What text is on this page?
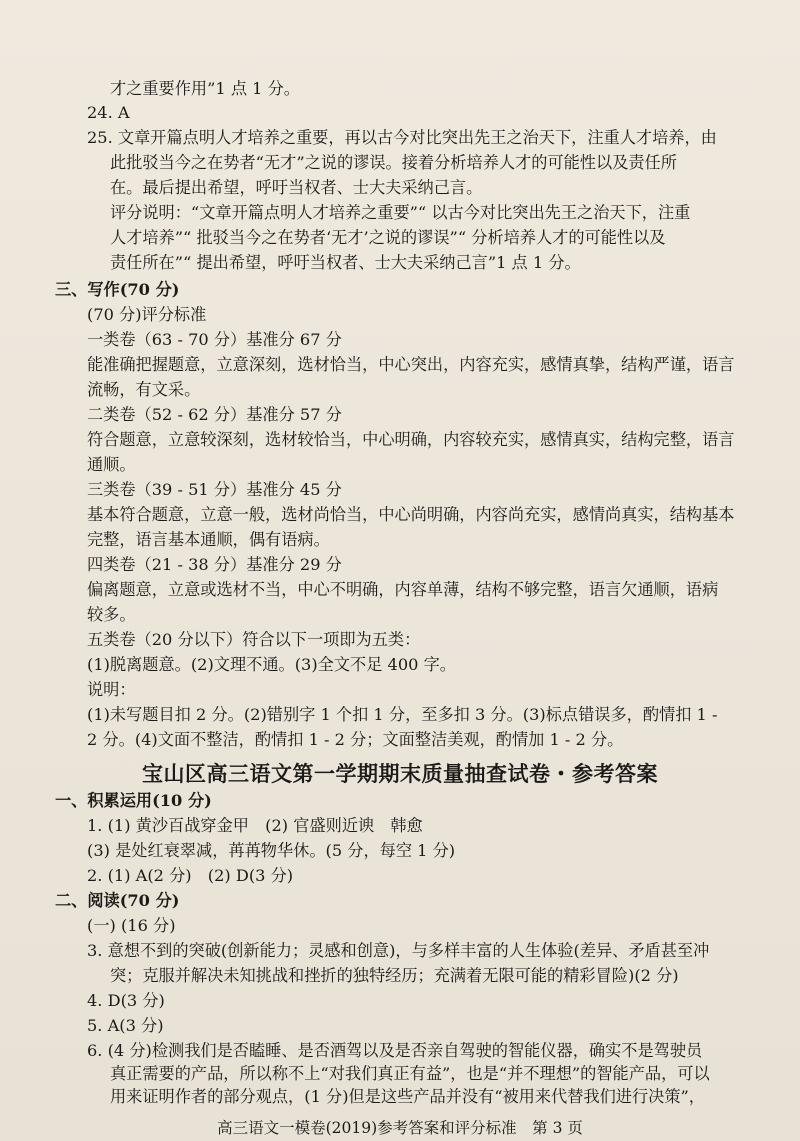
才之重要作用”1 点 1 分。
24. A
25. 文章开篇点明人才培养之重要，再以古今对比突出先王之治天下，注重人才培养，由
此批驳当今之在势者“无才”之说的谬误。接着分析培养人才的可能性以及责任所
在。最后提出希望，呼吁当权者、士大夫采纳己言。
评分说明：“文章开篇点明人才培养之重要”“ 以古今对比突出先王之治天下，注重
人才培养”“ 批驳当今之在势者‘无才’之说的谬误”“ 分析培养人才的可能性以及
责任所在”“ 提出希望，呼吁当权者、士大夫采纳己言”1 点 1 分。
三、写作(70 分)
(70 分)评分标准
一类卷（63 - 70 分）基准分 67 分
能准确把握题意，立意深刻，选材恰当，中心突出，内容充实，感情真挚，结构严谨，语言
流畅，有文采。
二类卷（52 - 62 分）基准分 57 分
符合题意，立意较深刻，选材较恰当，中心明确，内容较充实，感情真实，结构完整，语言
通顺。
三类卷（39 - 51 分）基准分 45 分
基本符合题意，立意一般，选材尚恰当，中心尚明确，内容尚充实，感情尚真实，结构基本
完整，语言基本通顺，偶有语病。
四类卷（21 - 38 分）基准分 29 分
偏离题意，立意或选材不当，中心不明确，内容单薄，结构不够完整，语言欠通顺，语病
较多。
五类卷（20 分以下）符合以下一项即为五类：
(1)脱离题意。(2)文理不通。(3)全文不足 400 字。
说明：
(1)未写题目扣 2 分。(2)错别字 1 个扣 1 分，至多扣 3 分。(3)标点错误多，酌情扣 1 -
2 分。(4)文面不整洁，酌情扣 1 - 2 分；文面整洁美观，酌情加 1 - 2 分。
宝山区高三语文第一学期期末质量抽查试卷・参考答案
一、积累运用(10 分)
1. (1) 黄沙百战穿金甲　(2) 官盛则近谀　韩愈
(3) 是处红衰翠减，苒苒物华休。(5 分，每空 1 分)
2. (1) A(2 分)　(2) D(3 分)
二、阅读(70 分)
(一) (16 分)
3. 意想不到的突破(创新能力；灵感和创意)，与多样丰富的人生体验(差异、矛盾甚至冲
突；克服并解决未知挑战和挫折的独特经历；充满着无限可能的精彩冒险)(2 分)
4. D(3 分)
5. A(3 分)
6. (4 分)检测我们是否瞌睡、是否酒驾以及是否亲自驾驶的智能仪器，确实不是驾驶员
真正需要的产品，所以称不上“对我们真正有益”，也是“并不理想”的智能产品，可以
用来证明作者的部分观点，(1 分)但是这些产品并没有“被用来代替我们进行决策”，
高三语文一模卷(2019)参考答案和评分标准　第 3 页
